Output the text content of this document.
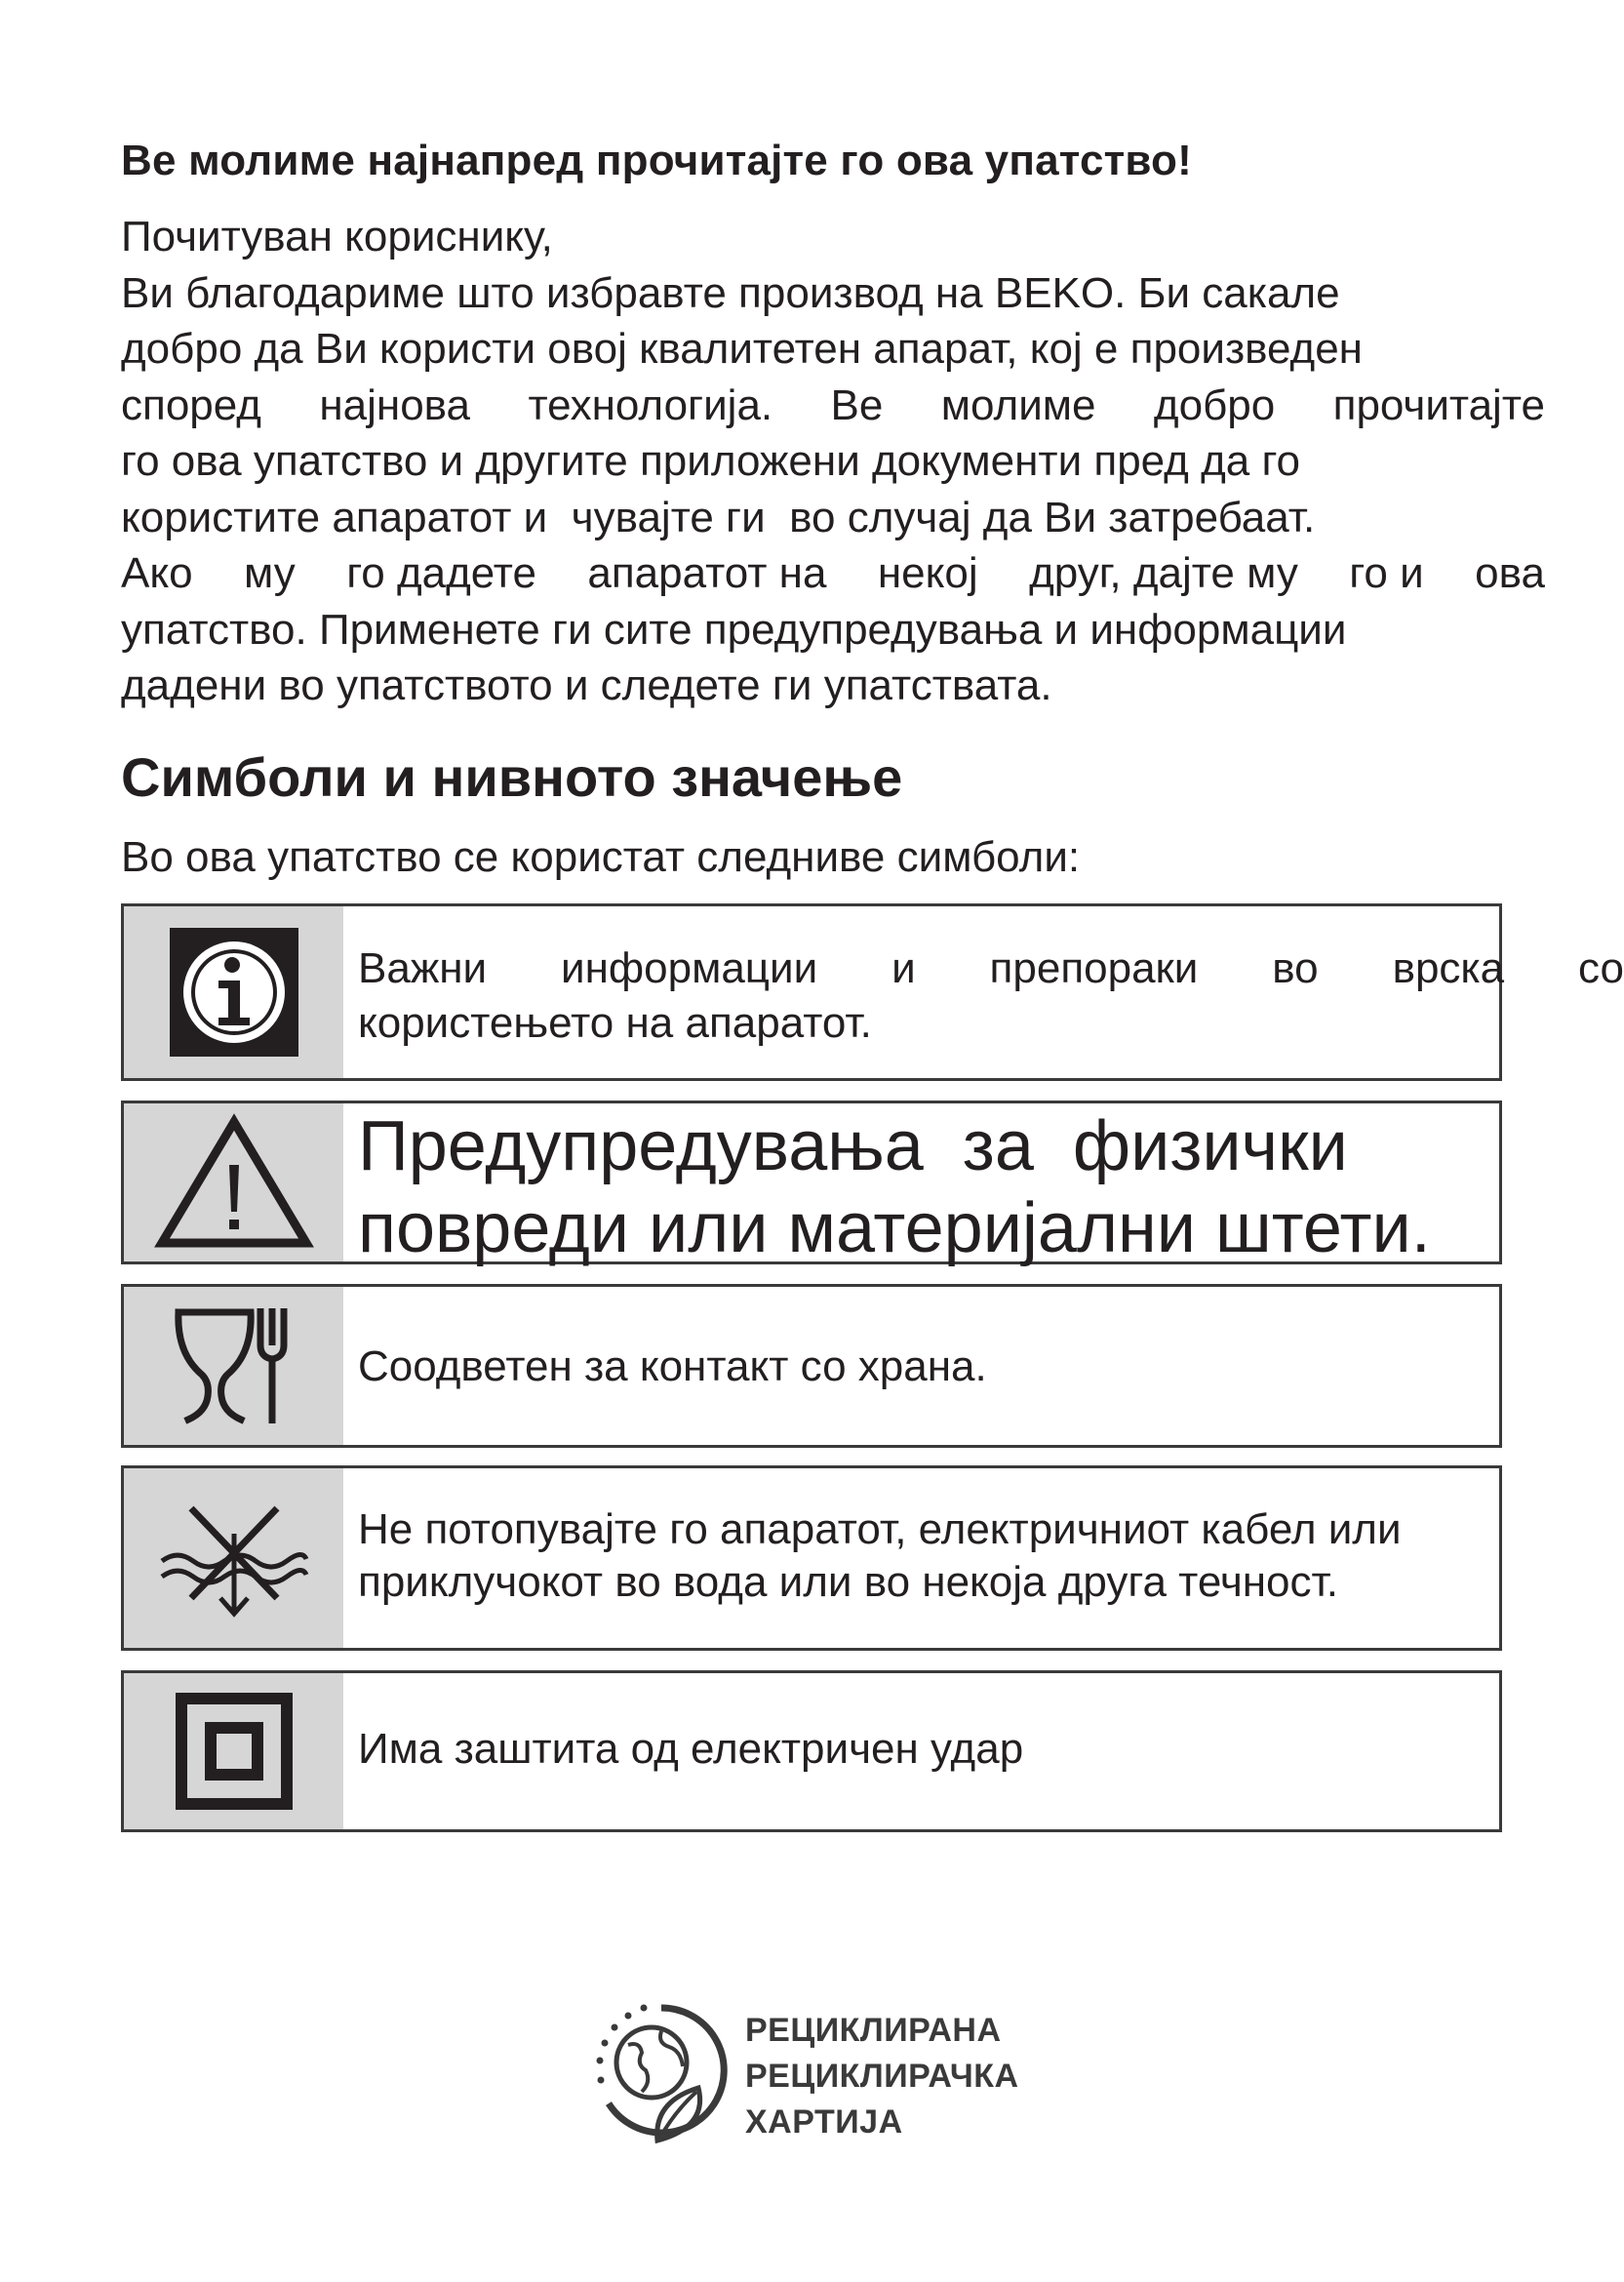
Ве молиме најнапред прочитајте го ова упатство!

Почитуван кориснику,

Ви благодариме што избравте производ на BEKO. Би сакале

добро да Ви користи овој квалитетен апарат, кој е произведен

според најнова технологија. Ве молиме добро прочитајте

го ова упатство и другите приложени документи пред да го

користите апаратот и  чувајте ги  во случај да Ви затребаат.

Ако му го дадете апаратот на некој друг, дајте му го и ова

упатство. Применете ги сите предупредувања и информации

дадени во упатството и следете ги упатствата.

Симболи и нивното значење
Во ова упатство се користат следниве симболи:
Важни информации и препораки во врска со
користењето на апаратот.
Предупредувања  за  физички
повреди или материјални штети.
Соодветен за контакт со храна.
Не потопувајте го апаратот, електричниот кабел или
приклучокот во вода или во некоја друга течност.
Има заштита од електричен удар
РЕЦИКЛИРАНА
РЕЦИКЛИРАЧКА
ХАРТИЈА
